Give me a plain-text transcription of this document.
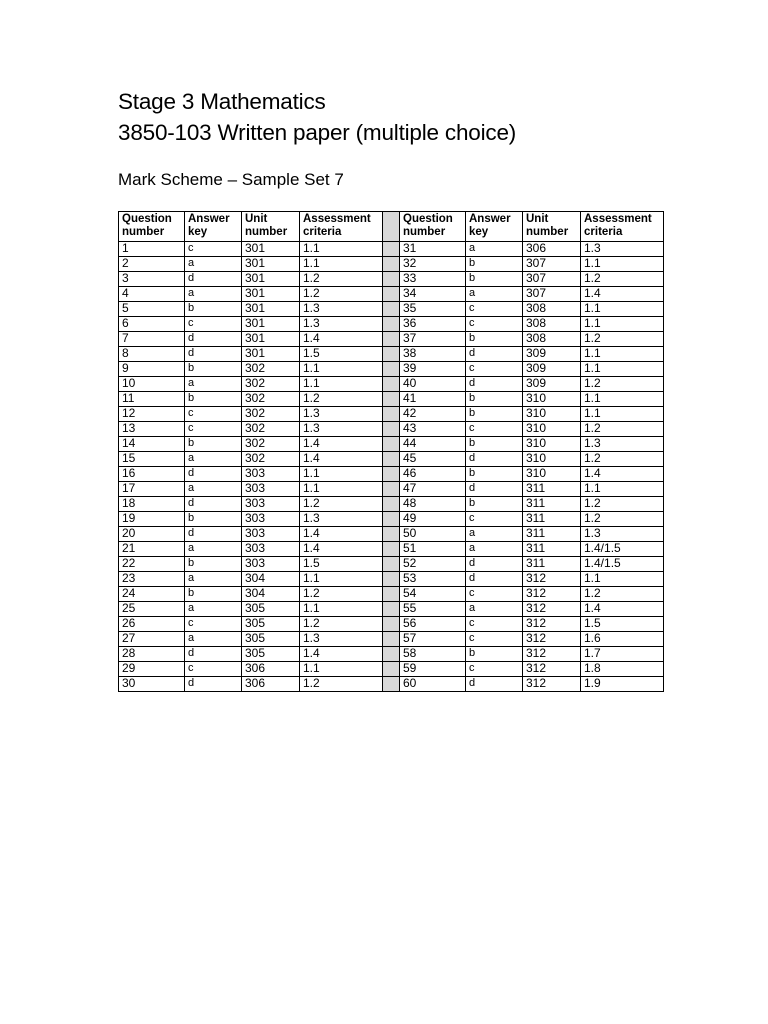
Stage 3 Mathematics
3850-103 Written paper (multiple choice)
Mark Scheme – Sample Set 7
Question number	Answer key	Unit number	Assessment criteria		Question number	Answer key	Unit number	Assessment criteria
1	c	301	1.1		31	a	306	1.3
2	a	301	1.1		32	b	307	1.1
3	d	301	1.2		33	b	307	1.2
4	a	301	1.2		34	a	307	1.4
5	b	301	1.3		35	c	308	1.1
6	c	301	1.3		36	c	308	1.1
7	d	301	1.4		37	b	308	1.2
8	d	301	1.5		38	d	309	1.1
9	b	302	1.1		39	c	309	1.1
10	a	302	1.1		40	d	309	1.2
11	b	302	1.2		41	b	310	1.1
12	c	302	1.3		42	b	310	1.1
13	c	302	1.3		43	c	310	1.2
14	b	302	1.4		44	b	310	1.3
15	a	302	1.4		45	d	310	1.2
16	d	303	1.1		46	b	310	1.4
17	a	303	1.1		47	d	311	1.1
18	d	303	1.2		48	b	311	1.2
19	b	303	1.3		49	c	311	1.2
20	d	303	1.4		50	a	311	1.3
21	a	303	1.4		51	a	311	1.4/1.5
22	b	303	1.5		52	d	311	1.4/1.5
23	a	304	1.1		53	d	312	1.1
24	b	304	1.2		54	c	312	1.2
25	a	305	1.1		55	a	312	1.4
26	c	305	1.2		56	c	312	1.5
27	a	305	1.3		57	c	312	1.6
28	d	305	1.4		58	b	312	1.7
29	c	306	1.1		59	c	312	1.8
30	d	306	1.2		60	d	312	1.9
